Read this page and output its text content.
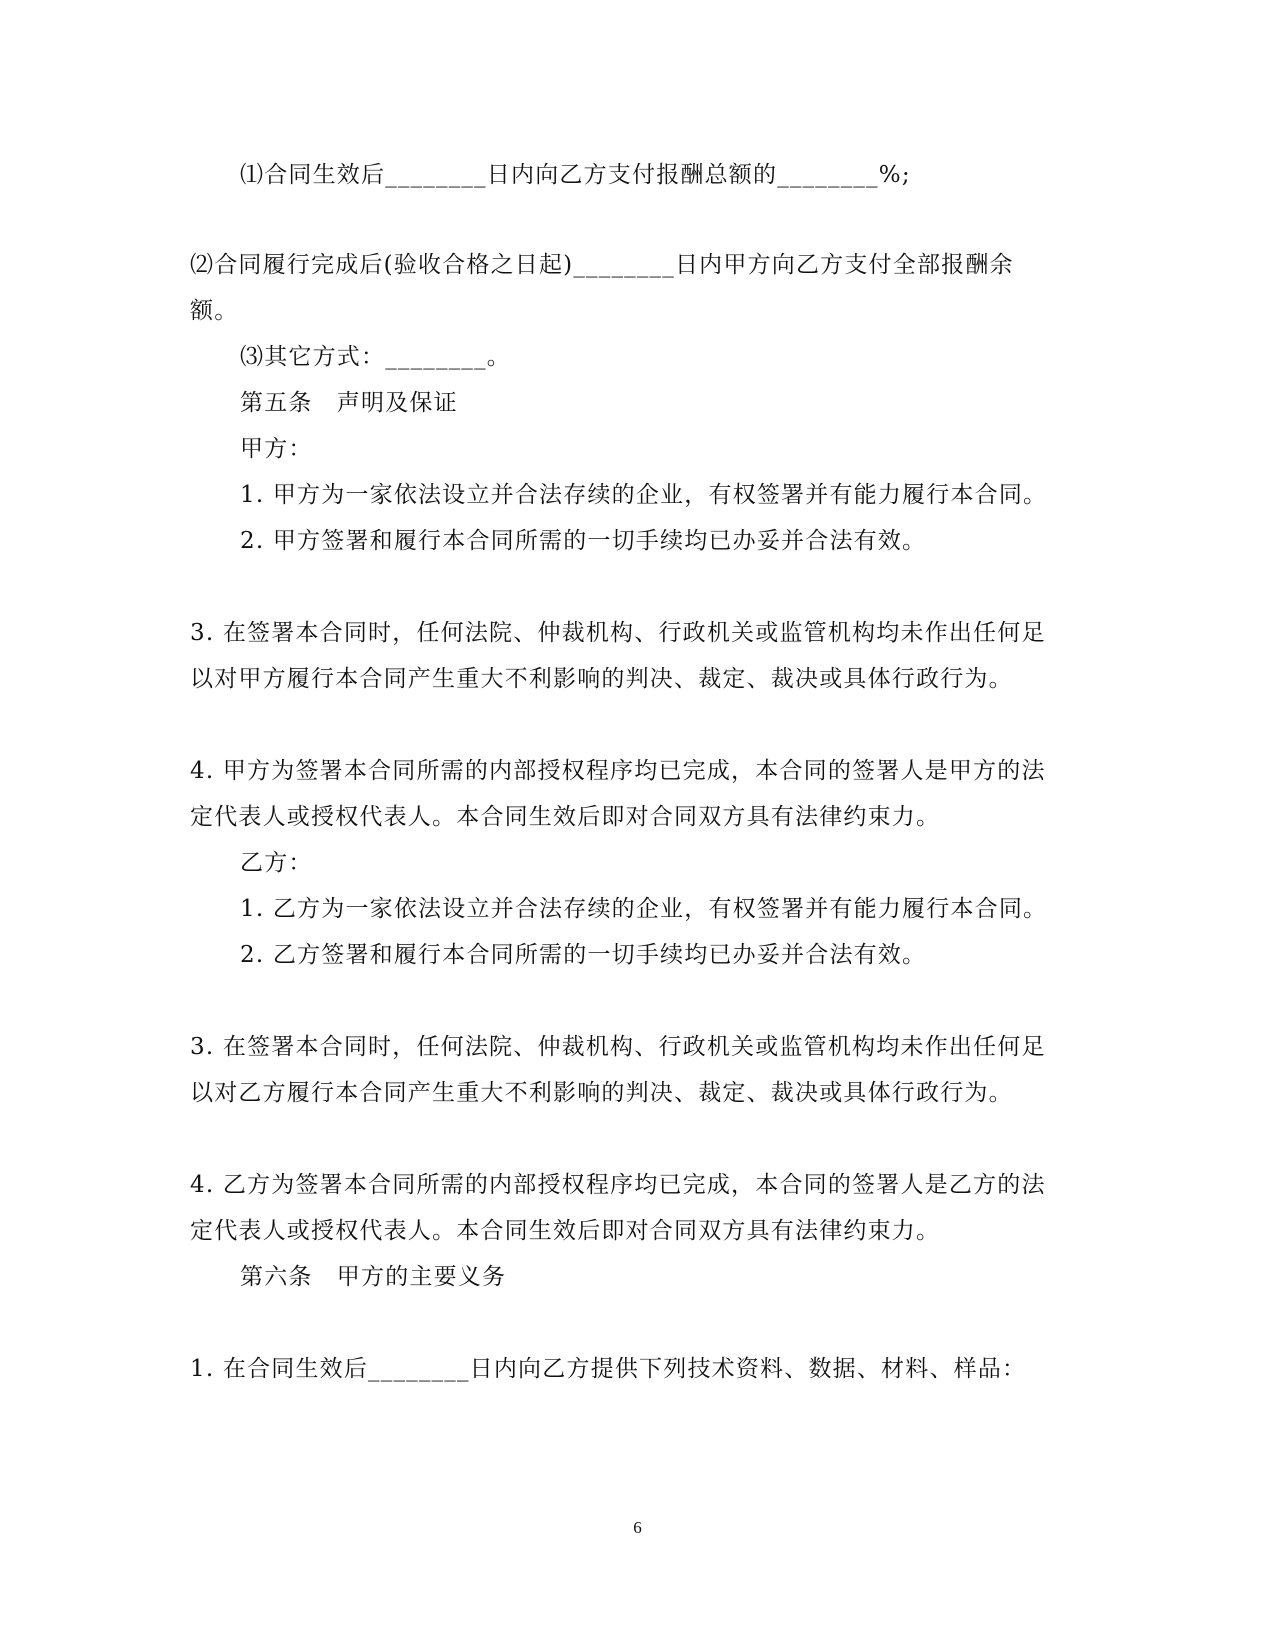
⑴合同生效后________日内向乙方支付报酬总额的________%;
⑵合同履行完成后(验收合格之日起)________日内甲方向乙方支付全部报酬余
额。
⑶其它方式：________。
第五条　声明及保证
甲方：
1. 甲方为一家依法设立并合法存续的企业，有权签署并有能力履行本合同。
2. 甲方签署和履行本合同所需的一切手续均已办妥并合法有效。
3. 在签署本合同时，任何法院、仲裁机构、行政机关或监管机构均未作出任何足
以对甲方履行本合同产生重大不利影响的判决、裁定、裁决或具体行政行为。
4. 甲方为签署本合同所需的内部授权程序均已完成，本合同的签署人是甲方的法
定代表人或授权代表人。本合同生效后即对合同双方具有法律约束力。
乙方：
1. 乙方为一家依法设立并合法存续的企业，有权签署并有能力履行本合同。
2. 乙方签署和履行本合同所需的一切手续均已办妥并合法有效。
3. 在签署本合同时，任何法院、仲裁机构、行政机关或监管机构均未作出任何足
以对乙方履行本合同产生重大不利影响的判决、裁定、裁决或具体行政行为。
4. 乙方为签署本合同所需的内部授权程序均已完成，本合同的签署人是乙方的法
定代表人或授权代表人。本合同生效后即对合同双方具有法律约束力。
第六条　甲方的主要义务
1. 在合同生效后________日内向乙方提供下列技术资料、数据、材料、样品：
6
